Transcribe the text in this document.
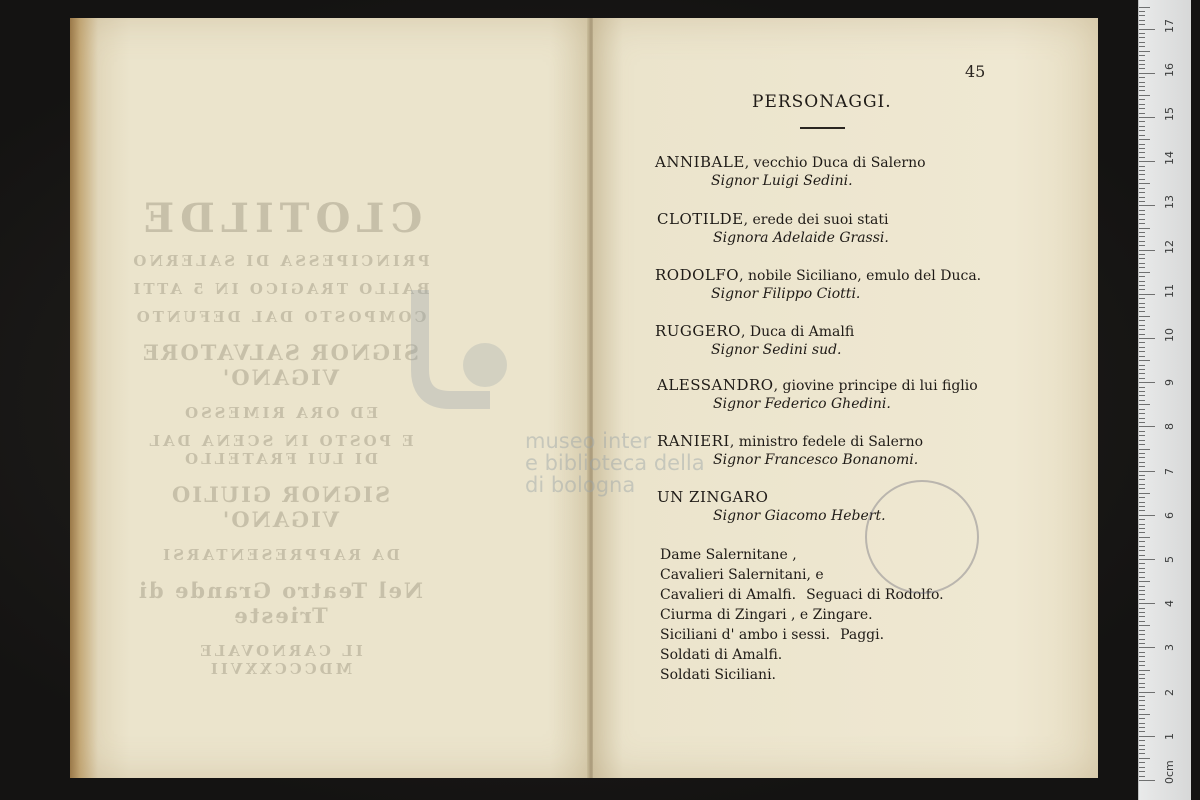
CLOTILDE
PRINCIPESSA DI SALERNO
BALLO TRAGICO IN 5 ATTI
COMPOSTO DAL DEFUNTO
SIGNOR SALVATORE VIGANO'
ED ORA RIMESSO
E POSTO IN SCENA DAL DI LUI FRATELLO
SIGNOR GIULIO VIGANO'
DA RAPPRESENTARSI
Nel Teatro Grande di Trieste
IL CARNOVALE MDCCCXXVII
museo inter
e biblioteca della
di bologna
45
PERSONAGGI.
ANNIBALE, vecchio Duca di Salerno
Signor Luigi Sedini.
CLOTILDE, erede dei suoi stati
Signora Adelaide Grassi.
RODOLFO, nobile Siciliano, emulo del Duca.
Signor Filippo Ciotti.
RUGGERO, Duca di Amalfi
Signor Sedini sud.
ALESSANDRO, giovine principe di lui figlio
Signor Federico Ghedini.
RANIERI, ministro fedele di Salerno
Signor Francesco Bonanomi.
UN ZINGARO
Signor Giacomo Hebert.
Dame Salernitane ,
Cavalieri Salernitani, e
Cavalieri di Amalfi. Seguaci di Rodolfo.
Ciurma di Zingari , e Zingare.
Siciliani d' ambo i sessi. Paggi.
Soldati di Amalfi.
Soldati Siciliani.
0cm
1
2
3
4
5
6
7
8
9
10
11
12
13
14
15
16
17
